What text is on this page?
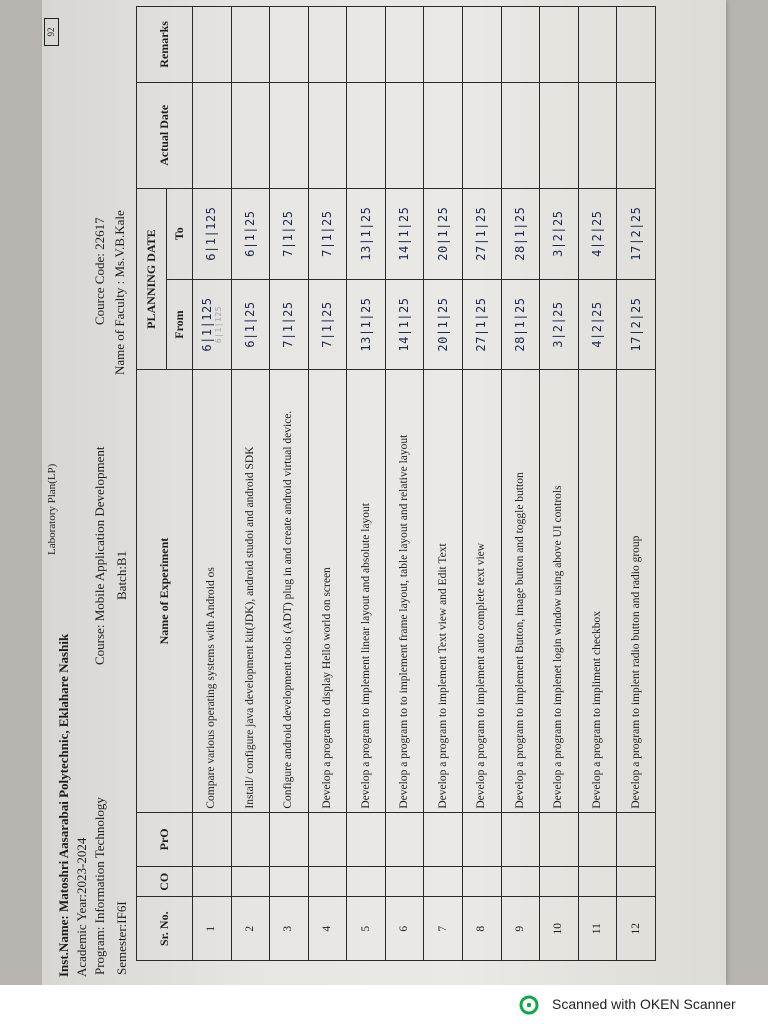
92
Laboratory Plan(LP)
Inst.Name: Matoshri Aasarabai Polytechnic, Eklahare Nashik Academic Year:2023-2024 Program: Information Technology
Course: Mobile Application Development
Cource Code: 22617
Semester:IF6I
Batch:B1
Name of Faculty : Ms.V.B.Kale
Sr. No.	CO	PrO	Name of Experiment	PLANNING DATE		Actual Date	Remarks
				From	To		
1			Compare various operating systems with Android os	6|1|125 6|1|125	6|1|125		
2			Install/ configure java development kit(JDK), android studoi and android SDK	6|1|25	6|1|25		
3			Configure android development tools (ADT) plug in and create android virtual device.	7|1|25	7|1|25		
4			Develop a program to display Hello world on screen	7|1|25	7|1|25		
5			Develop a program to implement linear layout and absolute layout	13|1|25	13|1|25		
6			Develop a program to to implement frame layout, table layout and relative layout	14|1|25	14|1|25		
7			Develop a program to implement Text view and Edit Text	20|1|25	20|1|25		
8			Develop a program to implement auto complete text view	27|1|25	27|1|25		
9			Develop a program to implement Button, image button and toggle button	28|1|25	28|1|25		
10			Develop a program to implenet login window using above UI controls	3|2|25	3|2|25		
11			Develop a program to impliment checkbox	4|2|25	4|2|25		
12			Develop a program to implent radio button and radio group	17|2|25	17|2|25		
Scanned with OKEN Scanner
